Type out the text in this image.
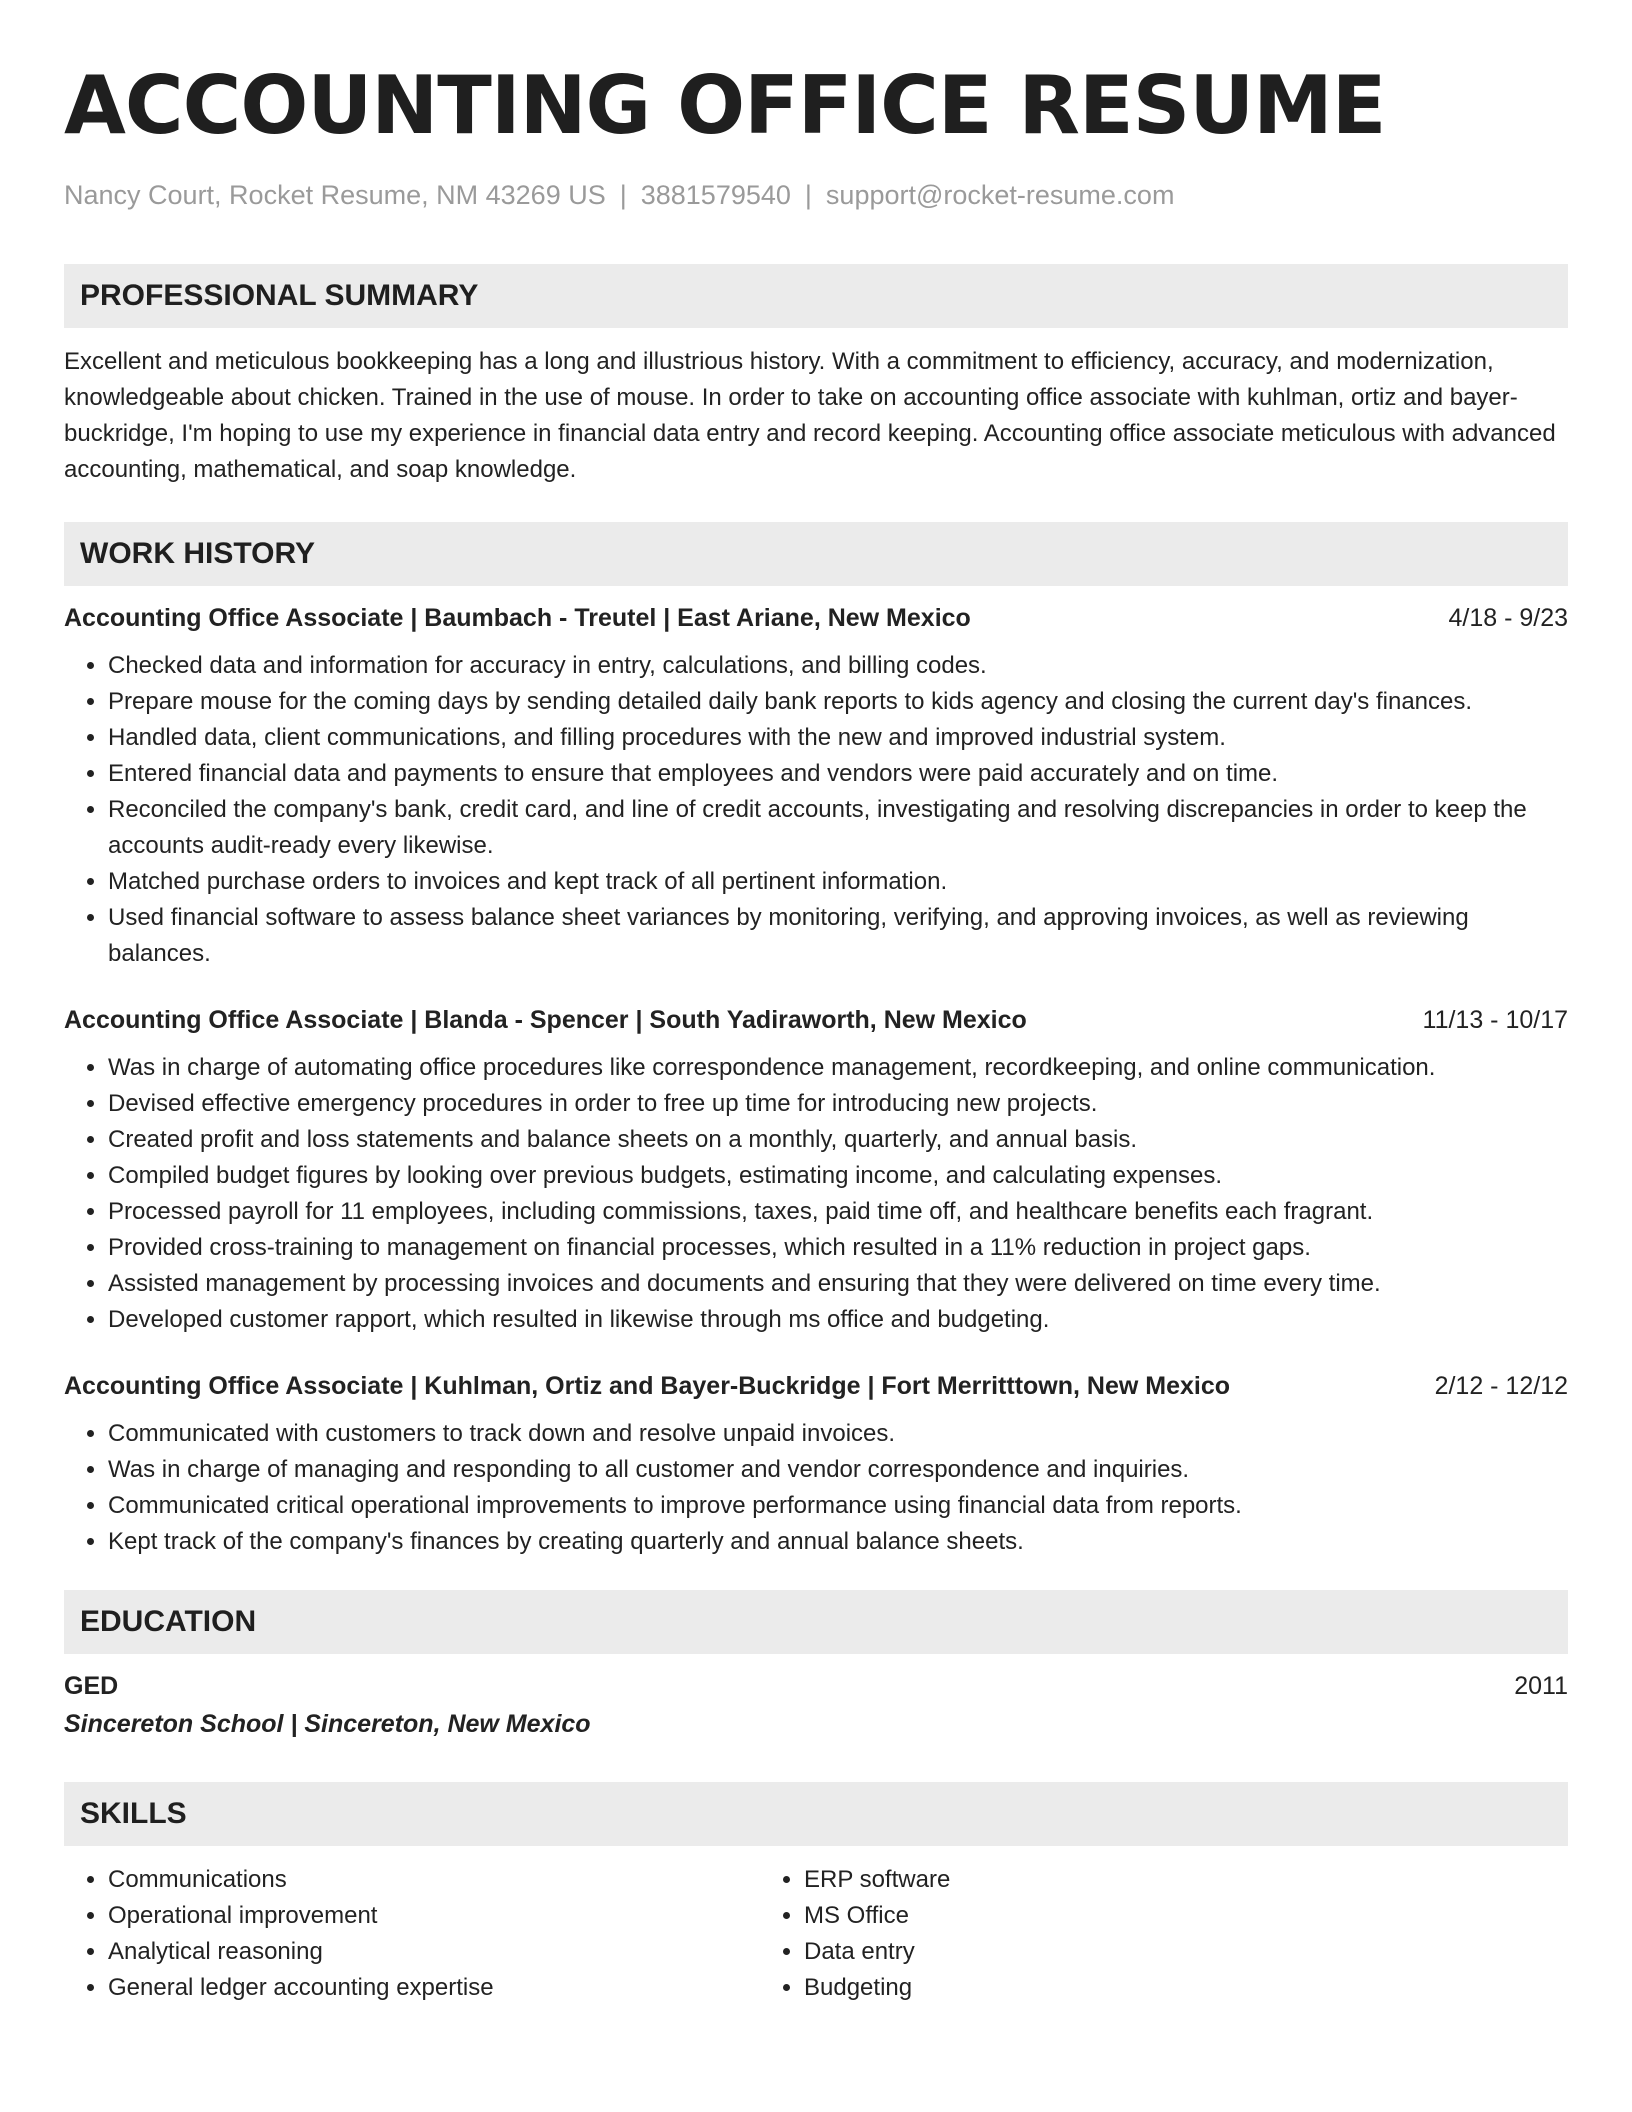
ACCOUNTING OFFICE RESUME
Nancy Court, Rocket Resume, NM 43269 US | 3881579540 | support@rocket-resume.com
PROFESSIONAL SUMMARY

Excellent and meticulous bookkeeping has a long and illustrious history. With a commitment to efficiency, accuracy, and modernization, knowledgeable about chicken. Trained in the use of mouse. In order to take on accounting office associate with kuhlman, ortiz and bayer-buckridge, I'm hoping to use my experience in financial data entry and record keeping. Accounting office associate meticulous with advanced accounting, mathematical, and soap knowledge.

WORK HISTORY
Accounting Office Associate | Baumbach - Treutel | East Ariane, New Mexico	4/18 - 9/23
• Checked data and information for accuracy in entry, calculations, and billing codes.
• Prepare mouse for the coming days by sending detailed daily bank reports to kids agency and closing the current day's finances.
• Handled data, client communications, and filling procedures with the new and improved industrial system.
• Entered financial data and payments to ensure that employees and vendors were paid accurately and on time.
• Reconciled the company's bank, credit card, and line of credit accounts, investigating and resolving discrepancies in order to keep the accounts audit-ready every likewise.
• Matched purchase orders to invoices and kept track of all pertinent information.
• Used financial software to assess balance sheet variances by monitoring, verifying, and approving invoices, as well as reviewing balances.
Accounting Office Associate | Blanda - Spencer | South Yadiraworth, New Mexico	11/13 - 10/17
• Was in charge of automating office procedures like correspondence management, recordkeeping, and online communication.
• Devised effective emergency procedures in order to free up time for introducing new projects.
• Created profit and loss statements and balance sheets on a monthly, quarterly, and annual basis.
• Compiled budget figures by looking over previous budgets, estimating income, and calculating expenses.
• Processed payroll for 11 employees, including commissions, taxes, paid time off, and healthcare benefits each fragrant.
• Provided cross-training to management on financial processes, which resulted in a 11% reduction in project gaps.
• Assisted management by processing invoices and documents and ensuring that they were delivered on time every time.
• Developed customer rapport, which resulted in likewise through ms office and budgeting.
Accounting Office Associate | Kuhlman, Ortiz and Bayer-Buckridge | Fort Merritttown, New Mexico	2/12 - 12/12
• Communicated with customers to track down and resolve unpaid invoices.
• Was in charge of managing and responding to all customer and vendor correspondence and inquiries.
• Communicated critical operational improvements to improve performance using financial data from reports.
• Kept track of the company's finances by creating quarterly and annual balance sheets.
EDUCATION
GED	2011
Sincereton School | Sincereton, New Mexico
SKILLS
• Communications
• Operational improvement
• Analytical reasoning
• General ledger accounting expertise
• ERP software
• MS Office
• Data entry
• Budgeting
